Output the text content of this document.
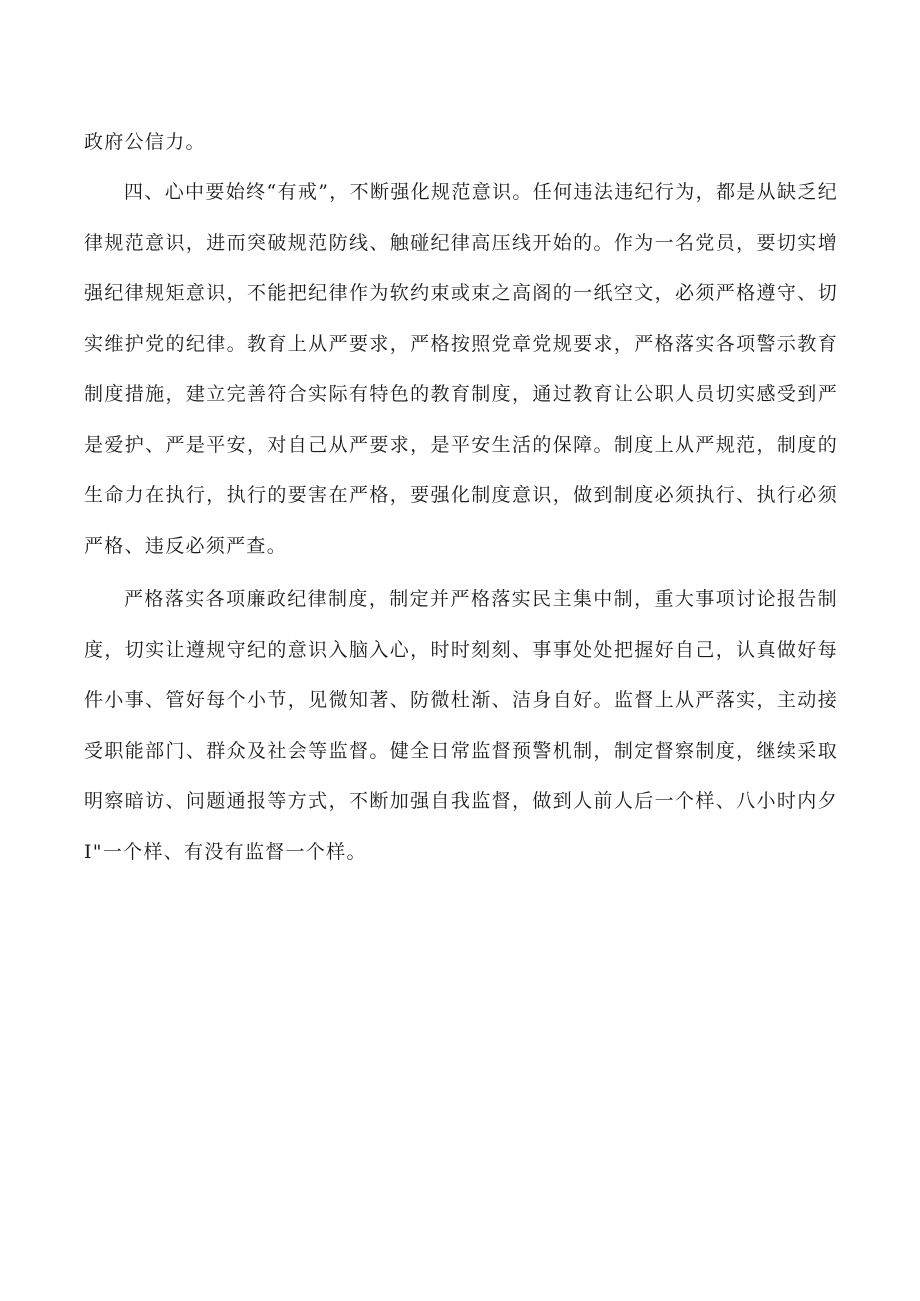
政府公信力。

四、心中要始终“有戒”，不断强化规范意识。任何违法违纪行为，都是从缺乏纪律规范意识，进而突破规范防线、触碰纪律高压线开始的。作为一名党员，要切实增强纪律规矩意识，不能把纪律作为软约束或束之高阁的一纸空文，必须严格遵守、切实维护党的纪律。教育上从严要求，严格按照党章党规要求，严格落实各项警示教育制度措施，建立完善符合实际有特色的教育制度，通过教育让公职人员切实感受到严是爱护、严是平安，对自己从严要求，是平安生活的保障。制度上从严规范，制度的生命力在执行，执行的要害在严格，要强化制度意识，做到制度必须执行、执行必须严格、违反必须严查。

严格落实各项廉政纪律制度，制定并严格落实民主集中制，重大事项讨论报告制度，切实让遵规守纪的意识入脑入心，时时刻刻、事事处处把握好自己，认真做好每件小事、管好每个小节，见微知著、防微杜渐、洁身自好。监督上从严落实，主动接受职能部门、群众及社会等监督。健全日常监督预警机制，制定督察制度，继续采取明察暗访、问题通报等方式，不断加强自我监督，做到人前人后一个样、八小时内夕I"一个样、有没有监督一个样。
